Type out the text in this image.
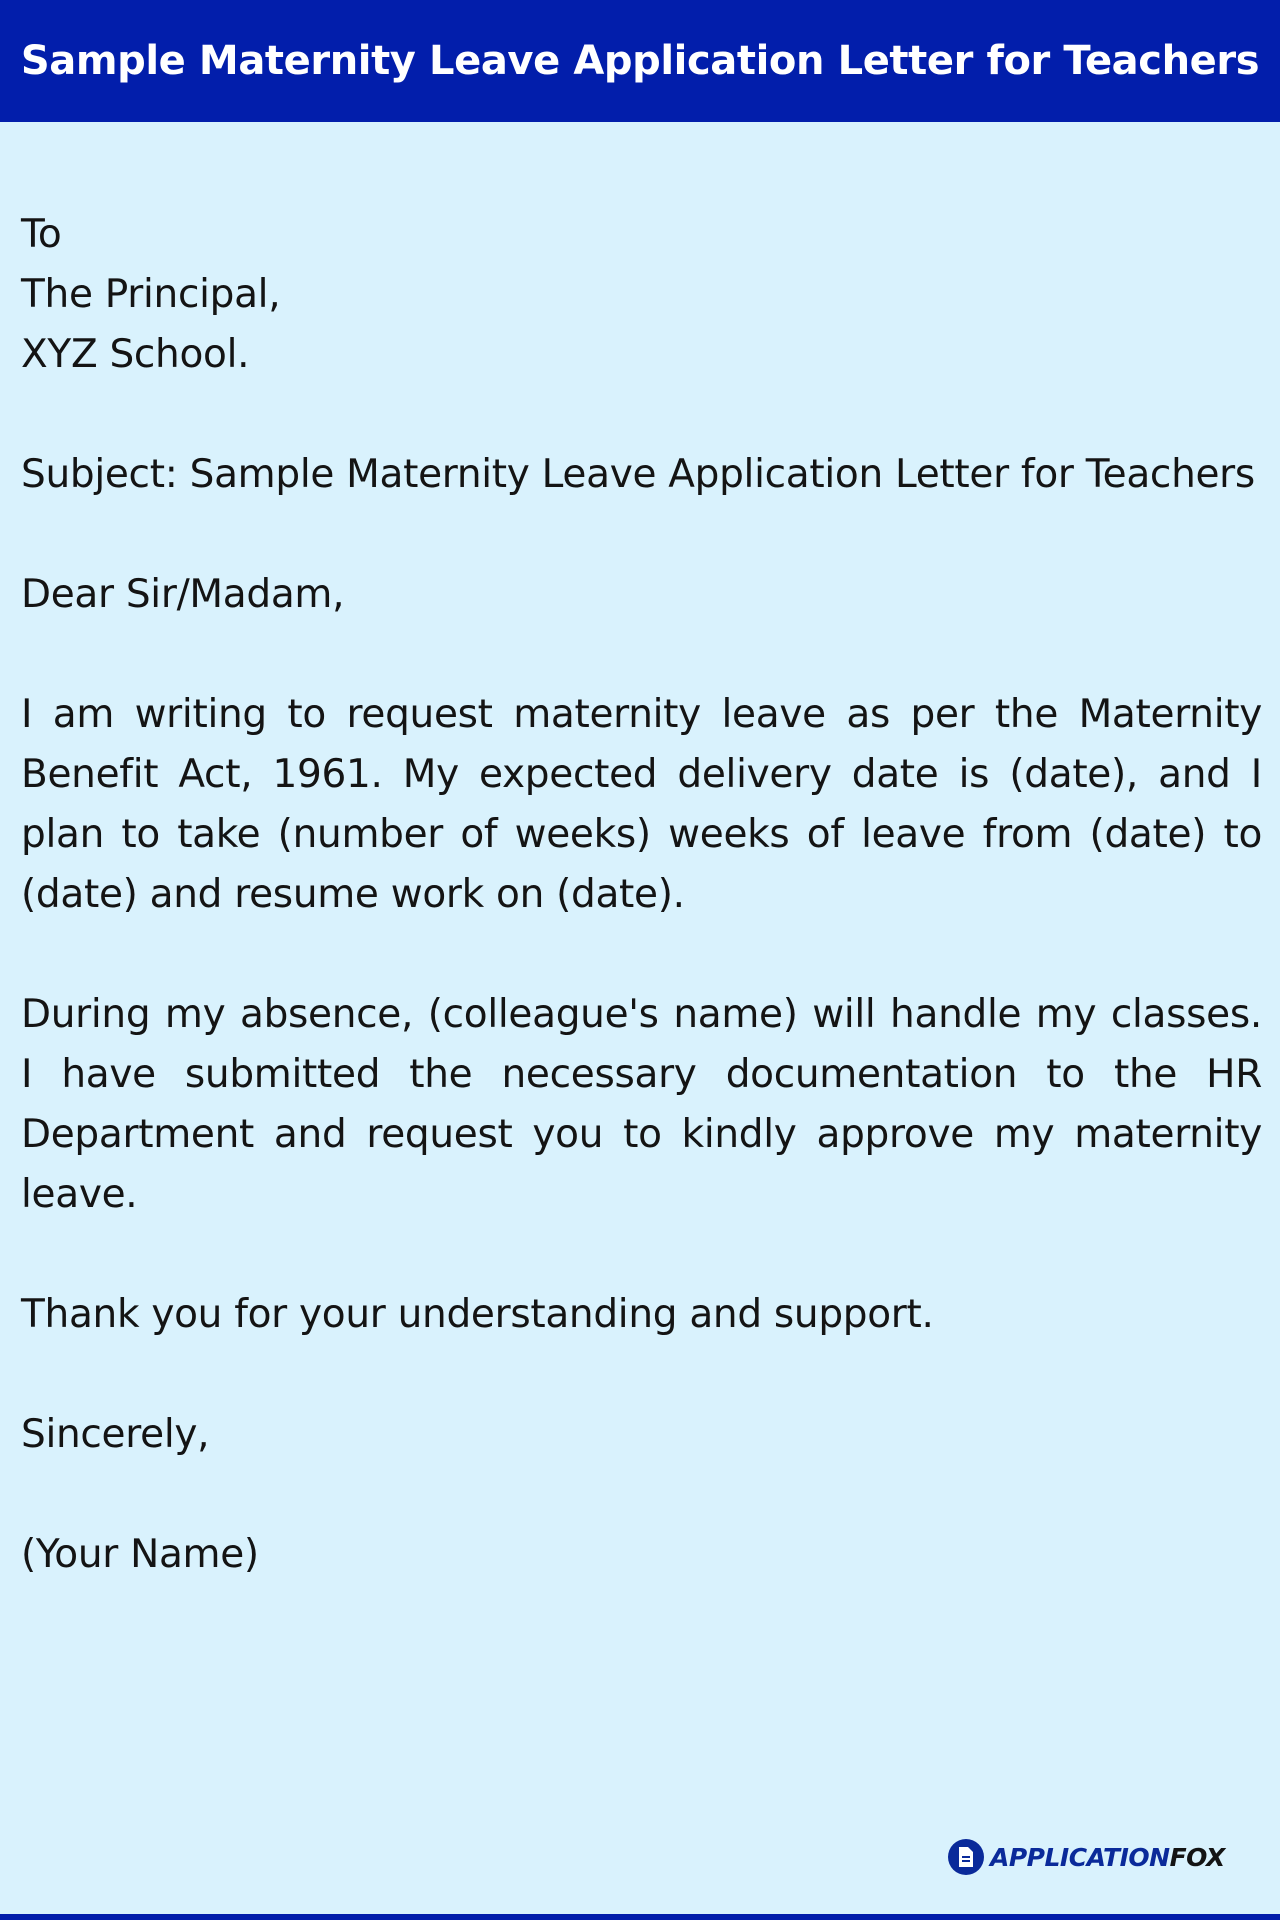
Sample Maternity Leave Application Letter for Teachers

To

The Principal,

XYZ School.

Subject: Sample Maternity Leave Application Letter for Teachers

Dear Sir/Madam,

I am writing to request maternity leave as per the Maternity Benefit Act, 1961. My expected delivery date is (date), and I plan to take (number of weeks) weeks of leave from (date) to (date) and resume work on (date).

During my absence, (colleague's name) will handle my classes. I have submitted the necessary documentation to the HR Department and request you to kindly approve my maternity leave.

Thank you for your understanding and support.

Sincerely,

(Your Name)

APPLICATIONFOX
